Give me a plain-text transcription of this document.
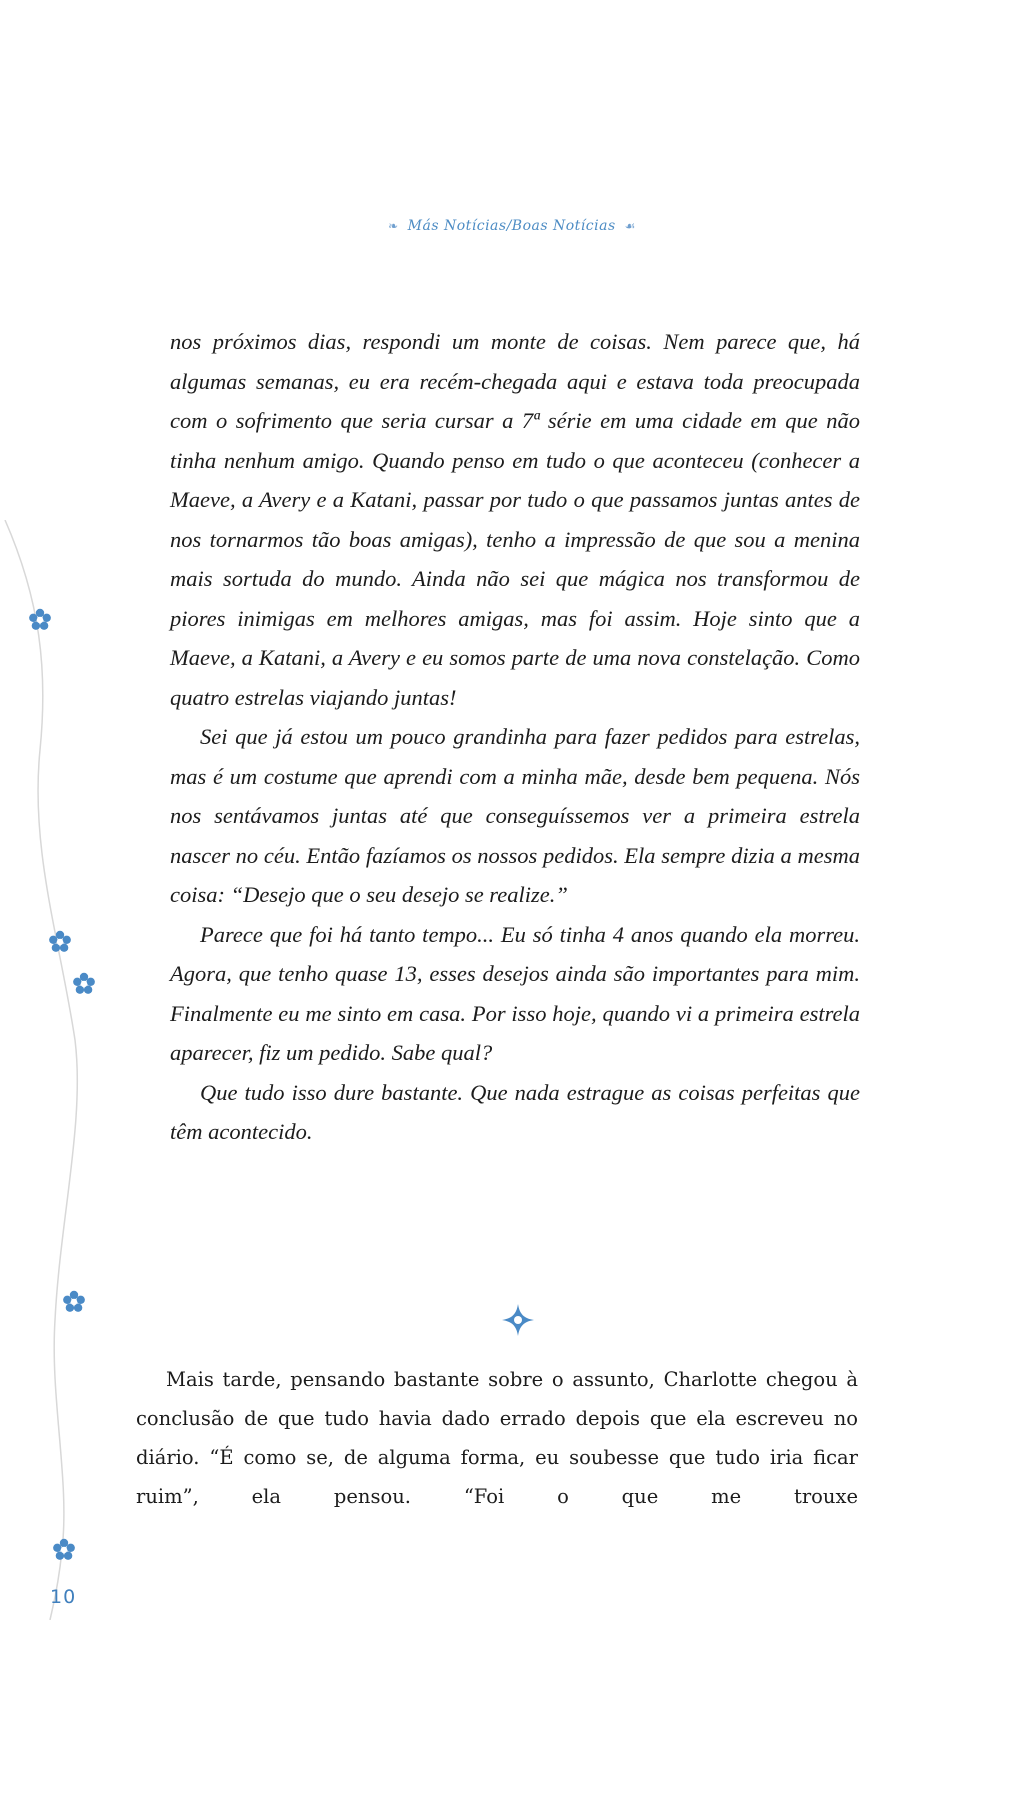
❧ Más Notícias/Boas Notícias ☙

nos próximos dias, respondi um monte de coisas. Nem parece que, há algumas semanas, eu era recém-chegada aqui e estava toda preocupada com o sofrimento que seria cursar a 7ª série em uma cidade em que não tinha nenhum amigo. Quando penso em tudo o que aconteceu (conhecer a Maeve, a Avery e a Katani, passar por tudo o que passamos juntas antes de nos tornarmos tão boas amigas), tenho a impressão de que sou a menina mais sortuda do mundo. Ainda não sei que mágica nos transformou de piores inimigas em melhores amigas, mas foi assim. Hoje sinto que a Maeve, a Katani, a Avery e eu somos parte de uma nova constelação. Como quatro estrelas viajando juntas!

Sei que já estou um pouco grandinha para fazer pedidos para estrelas, mas é um costume que aprendi com a minha mãe, desde bem pequena. Nós nos sentávamos juntas até que conseguíssemos ver a primeira estrela nascer no céu. Então fazíamos os nossos pedidos. Ela sempre dizia a mesma coisa: “Desejo que o seu desejo se realize.”

Parece que foi há tanto tempo... Eu só tinha 4 anos quando ela morreu. Agora, que tenho quase 13, esses desejos ainda são importantes para mim. Finalmente eu me sinto em casa. Por isso hoje, quando vi a primeira estrela aparecer, fiz um pedido. Sabe qual?

Que tudo isso dure bastante. Que nada estrague as coisas perfeitas que têm acontecido.

Mais tarde, pensando bastante sobre o assunto, Charlotte chegou à conclusão de que tudo havia dado errado depois que ela escreveu no diário. “É como se, de alguma forma, eu soubesse que tudo iria ficar ruim”, ela pensou. “Foi o que me trouxe

10
